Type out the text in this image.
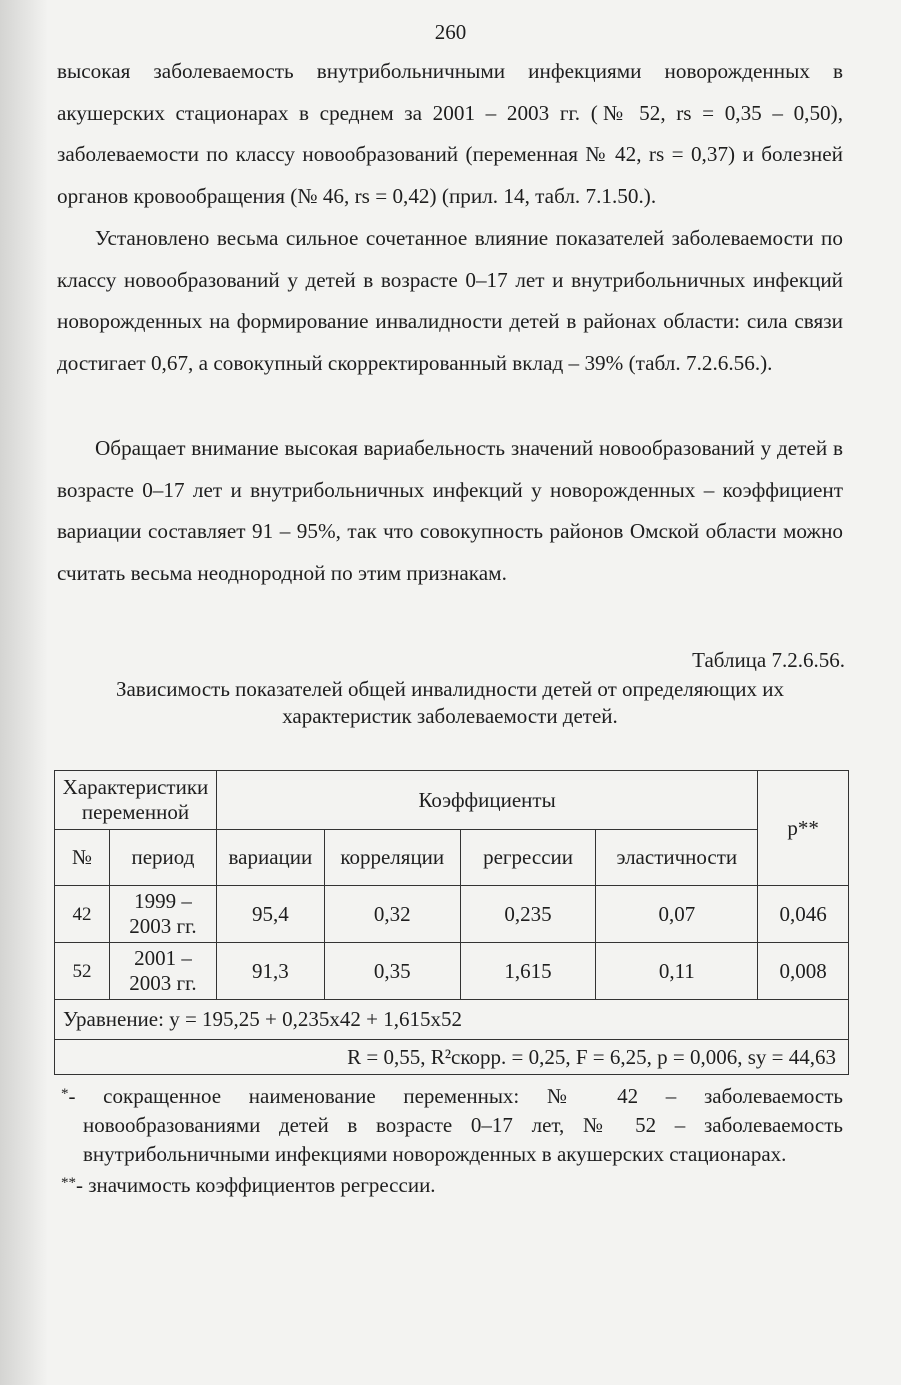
260

высокая заболеваемость внутрибольничными инфекциями новорожденных в акушерских стационарах в среднем за 2001 – 2003 гг. (№ 52, rs = 0,35 – 0,50), заболеваемости по классу новообразований (переменная № 42, rs = 0,37) и болезней органов кровообращения (№ 46, rs = 0,42) (прил. 14, табл. 7.1.50.).

Установлено весьма сильное сочетанное влияние показателей заболеваемости по классу новообразований у детей в возрасте 0–17 лет и внутрибольничных инфекций новорожденных на формирование инвалидности детей в районах области: сила связи достигает 0,67, а совокупный скорректированный вклад – 39% (табл. 7.2.6.56.).

Обращает внимание высокая вариабельность значений новообразований у детей в возрасте 0–17 лет и внутрибольничных инфекций у новорожденных – коэффициент вариации составляет 91 – 95%, так что совокупность районов Омской области можно считать весьма неоднородной по этим признакам.

Таблица 7.2.6.56.
Зависимость показателей общей инвалидности детей от определяющих их характеристик заболеваемости детей.
Характеристики переменной		Коэффициенты				p**
№	период	вариации	корреляции	регрессии	эластичности	
42	1999 – 2003 гг.	95,4	0,32	0,235	0,07	0,046
52	2001 – 2003 гг.	91,3	0,35	1,615	0,11	0,008
Уравнение: y = 195,25 + 0,235x42 + 1,615x52						
R = 0,55, R²скорр. = 0,25, F = 6,25, p = 0,006, sy = 44,63						

*- сокращенное наименование переменных: № 42 – заболеваемость новообразованиями детей в возрасте 0–17 лет, № 52 – заболеваемость внутрибольничными инфекциями новорожденных в акушерских стационарах.

**- значимость коэффициентов регрессии.
